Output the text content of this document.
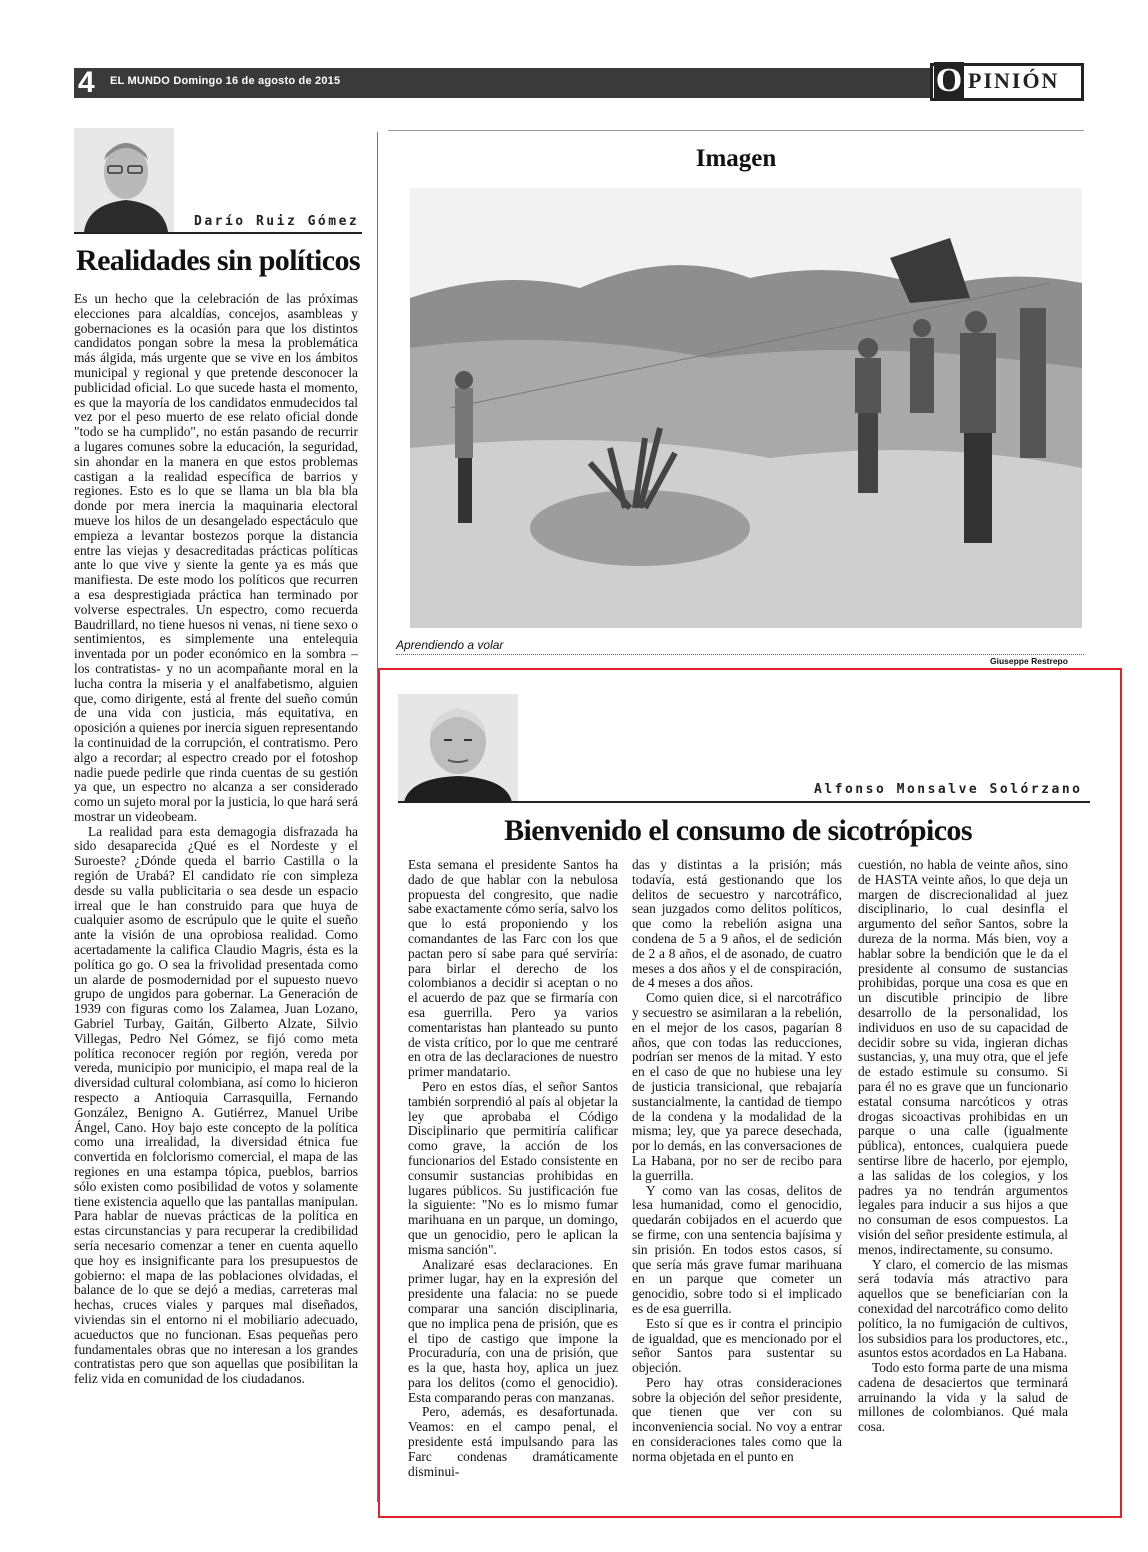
4 EL MUNDO Domingo 16 de agosto de 2015	O PINIÓN
Darío Ruiz Gómez
Realidades sin políticos

Es un hecho que la celebración de las próximas elecciones para alcaldías, concejos, asambleas y gobernaciones es la ocasión para que los distintos candidatos pongan sobre la mesa la problemática más álgida, más urgente que se vive en los ámbitos municipal y regional y que pretende desconocer la publicidad oficial. Lo que sucede hasta el momento, es que la mayoría de los candidatos enmudecidos tal vez por el peso muerto de ese relato oficial donde "todo se ha cumplido", no están pasando de recurrir a lugares comunes sobre la educación, la seguridad, sin ahondar en la manera en que estos problemas castigan a la realidad específica de barrios y regiones. Esto es lo que se llama un bla bla bla donde por mera inercia la maquinaria electoral mueve los hilos de un desangelado espectáculo que empieza a levantar bostezos porque la distancia entre las viejas y desacreditadas prácticas políticas ante lo que vive y siente la gente ya es más que manifiesta. De este modo los políticos que recurren a esa desprestigiada práctica han terminado por volverse espectrales. Un espectro, como recuerda Baudrillard, no tiene huesos ni venas, ni tiene sexo o sentimientos, es simplemente una entelequia inventada por un poder económico en la sombra – los contratistas- y no un acompañante moral en la lucha contra la miseria y el analfabetismo, alguien que, como dirigente, está al frente del sueño común de una vida con justicia, más equitativa, en oposición a quienes por inercia siguen representando la continuidad de la corrupción, el contratismo. Pero algo a recordar; al espectro creado por el fotoshop nadie puede pedirle que rinda cuentas de su gestión ya que, un espectro no alcanza a ser considerado como un sujeto moral por la justicia, lo que hará será mostrar un videobeam.

La realidad para esta demagogia disfrazada ha sido desaparecida ¿Qué es el Nordeste y el Suroeste? ¿Dónde queda el barrio Castilla o la región de Urabá? El candidato ríe con simpleza desde su valla publicitaria o sea desde un espacio irreal que le han construido para que huya de cualquier asomo de escrúpulo que le quite el sueño ante la visión de una oprobiosa realidad. Como acertadamente la califica Claudio Magris, ésta es la política go go. O sea la frivolidad presentada como un alarde de posmodernidad por el supuesto nuevo grupo de ungidos para gobernar. La Generación de 1939 con figuras como los Zalamea, Juan Lozano, Gabriel Turbay, Gaitán, Gilberto Alzate, Silvio Villegas, Pedro Nel Gómez, se fijó como meta política reconocer región por región, vereda por vereda, municipio por municipio, el mapa real de la diversidad cultural colombiana, así como lo hicieron respecto a Antioquia Carrasquilla, Fernando González, Benigno A. Gutiérrez, Manuel Uribe Ángel, Cano. Hoy bajo este concepto de la política como una irrealidad, la diversidad étnica fue convertida en folclorismo comercial, el mapa de las regiones en una estampa tópica, pueblos, barrios sólo existen como posibilidad de votos y solamente tiene existencia aquello que las pantallas manipulan. Para hablar de nuevas prácticas de la política en estas circunstancias y para recuperar la credibilidad sería necesario comenzar a tener en cuenta aquello que hoy es insignificante para los presupuestos de gobierno: el mapa de las poblaciones olvidadas, el balance de lo que se dejó a medias, carreteras mal hechas, cruces viales y parques mal diseñados, viviendas sin el entorno ni el mobiliario adecuado, acueductos que no funcionan. Esas pequeñas pero fundamentales obras que no interesan a los grandes contratistas pero que son aquellas que posibilitan la feliz vida en comunidad de los ciudadanos.

Imagen
Aprendiendo a volar
Giuseppe Restrepo
Alfonso Monsalve Solórzano
Bienvenido el consumo de sicotrópicos

Esta semana el presidente Santos ha dado de que hablar con la nebulosa propuesta del congresito, que nadie sabe exactamente cómo sería, salvo los que lo está proponiendo y los comandantes de las Farc con los que pactan pero sí sabe para qué serviría: para birlar el derecho de los colombianos a decidir si aceptan o no el acuerdo de paz que se firmaría con esa guerrilla. Pero ya varios comentaristas han planteado su punto de vista crítico, por lo que me centraré en otra de las declaraciones de nuestro primer mandatario.

Pero en estos días, el señor Santos también sorprendió al país al objetar la ley que aprobaba el Código Disciplinario que permitiría calificar como grave, la acción de los funcionarios del Estado consistente en consumir sustancias prohibidas en lugares públicos. Su justificación fue la siguiente: "No es lo mismo fumar marihuana en un parque, un domingo, que un genocidio, pero le aplican la misma sanción".

Analizaré esas declaraciones. En primer lugar, hay en la expresión del presidente una falacia: no se puede comparar una sanción disciplinaria, que no implica pena de prisión, que es el tipo de castigo que impone la Procuraduría, con una de prisión, que es la que, hasta hoy, aplica un juez para los delitos (como el genocidio). Esta comparando peras con manzanas.

Pero, además, es desafortunada. Veamos: en el campo penal, el presidente está impulsando para las Farc condenas dramáticamente disminui-

das y distintas a la prisión; más todavía, está gestionando que los delitos de secuestro y narcotráfico, sean juzgados como delitos políticos, que como la rebelión asigna una condena de 5 a 9 años, el de sedición de 2 a 8 años, el de asonado, de cuatro meses a dos años y el de conspiración, de 4 meses a dos años.

Como quien dice, si el narcotráfico y secuestro se asimilaran a la rebelión, en el mejor de los casos, pagarían 8 años, que con todas las reducciones, podrían ser menos de la mitad. Y esto en el caso de que no hubiese una ley de justicia transicional, que rebajaría sustancialmente, la cantidad de tiempo de la condena y la modalidad de la misma; ley, que ya parece desechada, por lo demás, en las conversaciones de La Habana, por no ser de recibo para la guerrilla.

Y como van las cosas, delitos de lesa humanidad, como el genocidio, quedarán cobijados en el acuerdo que se firme, con una sentencia bajísima y sin prisión. En todos estos casos, sí que sería más grave fumar marihuana en un parque que cometer un genocidio, sobre todo si el implicado es de esa guerrilla.

Esto sí que es ir contra el principio de igualdad, que es mencionado por el señor Santos para sustentar su objeción.

Pero hay otras consideraciones sobre la objeción del señor presidente, que tienen que ver con su inconveniencia social. No voy a entrar en consideraciones tales como que la norma objetada en el punto en

cuestión, no habla de veinte años, sino de HASTA veinte años, lo que deja un margen de discrecionalidad al juez disciplinario, lo cual desinfla el argumento del señor Santos, sobre la dureza de la norma. Más bien, voy a hablar sobre la bendición que le da el presidente al consumo de sustancias prohibidas, porque una cosa es que en un discutible principio de libre desarrollo de la personalidad, los individuos en uso de su capacidad de decidir sobre su vida, ingieran dichas sustancias, y, una muy otra, que el jefe de estado estimule su consumo. Si para él no es grave que un funcionario estatal consuma narcóticos y otras drogas sicoactivas prohibidas en un parque o una calle (igualmente pública), entonces, cualquiera puede sentirse libre de hacerlo, por ejemplo, a las salidas de los colegios, y los padres ya no tendrán argumentos legales para inducir a sus hijos a que no consuman de esos compuestos. La visión del señor presidente estimula, al menos, indirectamente, su consumo.

Y claro, el comercio de las mismas será todavía más atractivo para aquellos que se beneficiarían con la conexidad del narcotráfico como delito político, la no fumigación de cultivos, los subsidios para los productores, etc., asuntos estos acordados en La Habana.

Todo esto forma parte de una misma cadena de desaciertos que terminará arruinando la vida y la salud de millones de colombianos. Qué mala cosa.
